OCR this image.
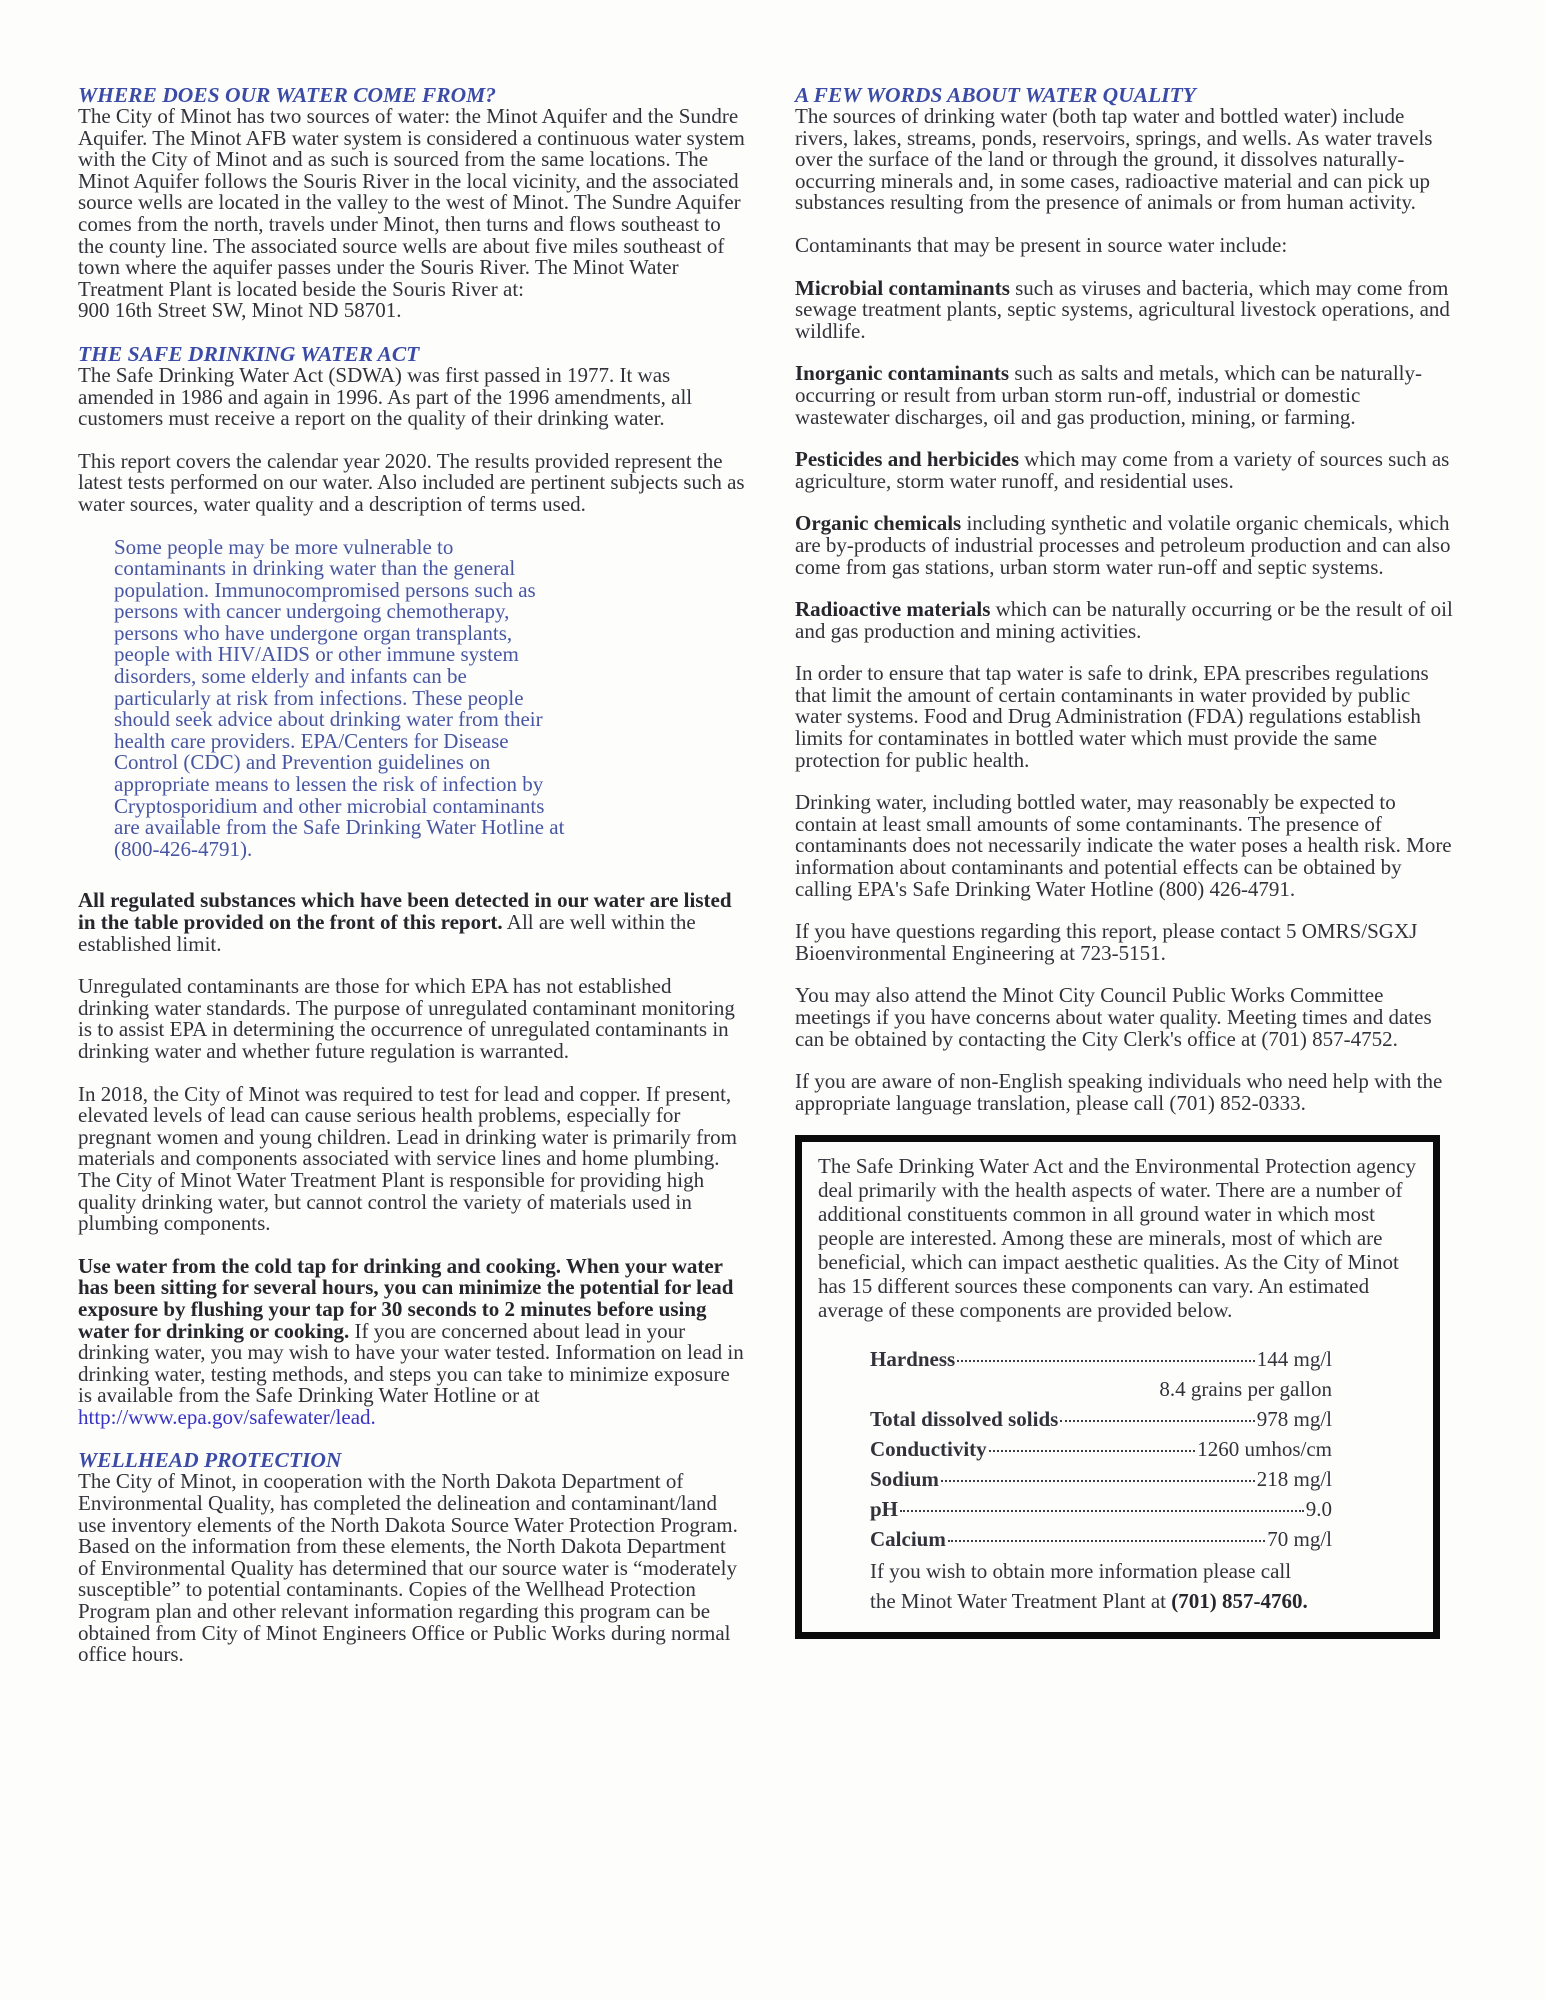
WHERE DOES OUR WATER COME FROM?

The City of Minot has two sources of water: the Minot Aquifer and the Sundre Aquifer. The Minot AFB water system is considered a continuous water system with the City of Minot and as such is sourced from the same locations. The Minot Aquifer follows the Souris River in the local vicinity, and the associated source wells are located in the valley to the west of Minot. The Sundre Aquifer comes from the north, travels under Minot, then turns and flows southeast to the county line. The associated source wells are about five miles southeast of town where the aquifer passes under the Souris River. The Minot Water Treatment Plant is located beside the Souris River at:
900 16th Street SW, Minot ND 58701.

THE SAFE DRINKING WATER ACT

The Safe Drinking Water Act (SDWA) was first passed in 1977. It was amended in 1986 and again in 1996. As part of the 1996 amendments, all customers must receive a report on the quality of their drinking water.

This report covers the calendar year 2020. The results provided represent the latest tests performed on our water. Also included are pertinent subjects such as water sources, water quality and a description of terms used.

Some people may be more vulnerable to contaminants in drinking water than the general population. Immunocompromised persons such as persons with cancer undergoing chemotherapy, persons who have undergone organ transplants, people with HIV/AIDS or other immune system disorders, some elderly and infants can be particularly at risk from infections. These people should seek advice about drinking water from their health care providers. EPA/Centers for Disease Control (CDC) and Prevention guidelines on appropriate means to lessen the risk of infection by Cryptosporidium and other microbial contaminants are available from the Safe Drinking Water Hotline at (800-426-4791).

All regulated substances which have been detected in our water are listed in the table provided on the front of this report. All are well within the established limit.

Unregulated contaminants are those for which EPA has not established drinking water standards. The purpose of unregulated contaminant monitoring is to assist EPA in determining the occurrence of unregulated contaminants in drinking water and whether future regulation is warranted.

In 2018, the City of Minot was required to test for lead and copper. If present, elevated levels of lead can cause serious health problems, especially for pregnant women and young children. Lead in drinking water is primarily from materials and components associated with service lines and home plumbing. The City of Minot Water Treatment Plant is responsible for providing high quality drinking water, but cannot control the variety of materials used in plumbing components.

Use water from the cold tap for drinking and cooking. When your water has been sitting for several hours, you can minimize the potential for lead exposure by flushing your tap for 30 seconds to 2 minutes before using water for drinking or cooking. If you are concerned about lead in your drinking water, you may wish to have your water tested. Information on lead in drinking water, testing methods, and steps you can take to minimize exposure is available from the Safe Drinking Water Hotline or at http://www.epa.gov/safewater/lead.

WELLHEAD PROTECTION

The City of Minot, in cooperation with the North Dakota Department of Environmental Quality, has completed the delineation and contaminant/land use inventory elements of the North Dakota Source Water Protection Program. Based on the information from these elements, the North Dakota Department of Environmental Quality has determined that our source water is “moderately susceptible” to potential contaminants. Copies of the Wellhead Protection Program plan and other relevant information regarding this program can be obtained from City of Minot Engineers Office or Public Works during normal office hours.

A FEW WORDS ABOUT WATER QUALITY

The sources of drinking water (both tap water and bottled water) include rivers, lakes, streams, ponds, reservoirs, springs, and wells. As water travels over the surface of the land or through the ground, it dissolves naturally-occurring minerals and, in some cases, radioactive material and can pick up substances resulting from the presence of animals or from human activity.

Contaminants that may be present in source water include:

Microbial contaminants such as viruses and bacteria, which may come from sewage treatment plants, septic systems, agricultural livestock operations, and wildlife.

Inorganic contaminants such as salts and metals, which can be naturally-occurring or result from urban storm run-off, industrial or domestic wastewater discharges, oil and gas production, mining, or farming.

Pesticides and herbicides which may come from a variety of sources such as agriculture, storm water runoff, and residential uses.

Organic chemicals including synthetic and volatile organic chemicals, which are by-products of industrial processes and petroleum production and can also come from gas stations, urban storm water run-off and septic systems.

Radioactive materials which can be naturally occurring or be the result of oil and gas production and mining activities.

In order to ensure that tap water is safe to drink, EPA prescribes regulations that limit the amount of certain contaminants in water provided by public water systems. Food and Drug Administration (FDA) regulations establish limits for contaminates in bottled water which must provide the same protection for public health.

Drinking water, including bottled water, may reasonably be expected to contain at least small amounts of some contaminants. The presence of contaminants does not necessarily indicate the water poses a health risk. More information about contaminants and potential effects can be obtained by calling EPA's Safe Drinking Water Hotline (800) 426-4791.

If you have questions regarding this report, please contact 5 OMRS/SGXJ Bioenvironmental Engineering at 723-5151.

You may also attend the Minot City Council Public Works Committee meetings if you have concerns about water quality. Meeting times and dates can be obtained by contacting the City Clerk's office at (701) 857-4752.

If you are aware of non-English speaking individuals who need help with the appropriate language translation, please call (701) 852-0333.

The Safe Drinking Water Act and the Environmental Protection agency deal primarily with the health aspects of water. There are a number of additional constituents common in all ground water in which most people are interested. Among these are minerals, most of which are beneficial, which can impact aesthetic qualities. As the City of Minot has 15 different sources these components can vary. An estimated average of these components are provided below.

Hardness	144 mg/l
8.4 grains per gallon
Total dissolved solids	978 mg/l
Conductivity	1260 umhos/cm
Sodium	218 mg/l
pH	9.0
Calcium	70 mg/l

If you wish to obtain more information please call
the Minot Water Treatment Plant at (701) 857-4760.
